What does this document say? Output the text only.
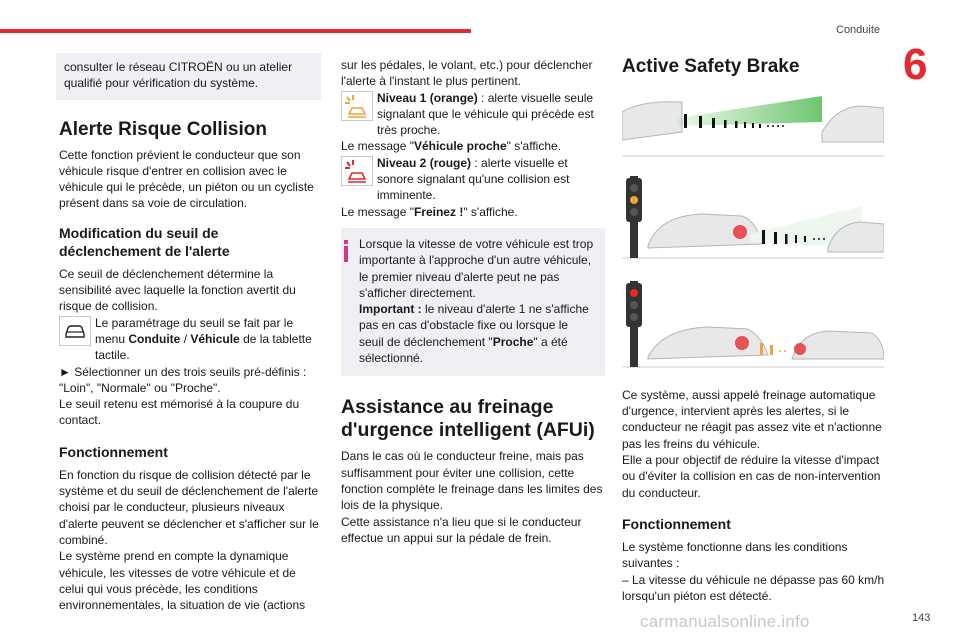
Conduite
6

consulter le réseau CITROËN ou un atelier qualifié pour vérification du système.

Alerte Risque Collision

Cette fonction prévient le conducteur que son véhicule risque d'entrer en collision avec le véhicule qui le précède, un piéton ou un cycliste présent dans sa voie de circulation.

Modification du seuil de déclenchement de l'alerte

Ce seuil de déclenchement détermine la sensibilité avec laquelle la fonction avertit du risque de collision.

Le paramétrage du seuil se fait par le menu Conduite / Véhicule de la tablette tactile.

► Sélectionner un des trois seuils pré-définis : "Loin", "Normale" ou "Proche".

Le seuil retenu est mémorisé à la coupure du contact.

Fonctionnement

En fonction du risque de collision détecté par le système et du seuil de déclenchement de l'alerte choisi par le conducteur, plusieurs niveaux d'alerte peuvent se déclencher et s'afficher sur le combiné.

Le système prend en compte la dynamique véhicule, les vitesses de votre véhicule et de celui qui vous précède, les conditions environnementales, la situation de vie (actions

sur les pédales, le volant, etc.) pour déclencher l'alerte à l'instant le plus pertinent.

Niveau 1 (orange) : alerte visuelle seule signalant que le véhicule qui précède est très proche.

Le message "Véhicule proche" s'affiche.

Niveau 2 (rouge) : alerte visuelle et sonore signalant qu'une collision est imminente.

Le message "Freinez !" s'affiche.

Lorsque la vitesse de votre véhicule est trop importante à l'approche d'un autre véhicule, le premier niveau d'alerte peut ne pas s'afficher directement.

Important : le niveau d'alerte 1 ne s'affiche pas en cas d'obstacle fixe ou lorsque le seuil de déclenchement "Proche" a été sélectionné.

Assistance au freinage d'urgence intelligent (AFUi)

Dans le cas où le conducteur freine, mais pas suffisamment pour éviter une collision, cette fonction complète le freinage dans les limites des lois de la physique.

Cette assistance n'a lieu que si le conducteur effectue un appui sur la pédale de frein.

Active Safety Brake

Ce système, aussi appelé freinage automatique d'urgence, intervient après les alertes, si le conducteur ne réagit pas assez vite et n'actionne pas les freins du véhicule.

Elle a pour objectif de réduire la vitesse d'impact ou d'éviter la collision en cas de non-intervention du conducteur.

Fonctionnement

Le système fonctionne dans les conditions suivantes :

– La vitesse du véhicule ne dépasse pas 60 km/h lorsqu'un piéton est détecté.

carmanualsonline.info	143
